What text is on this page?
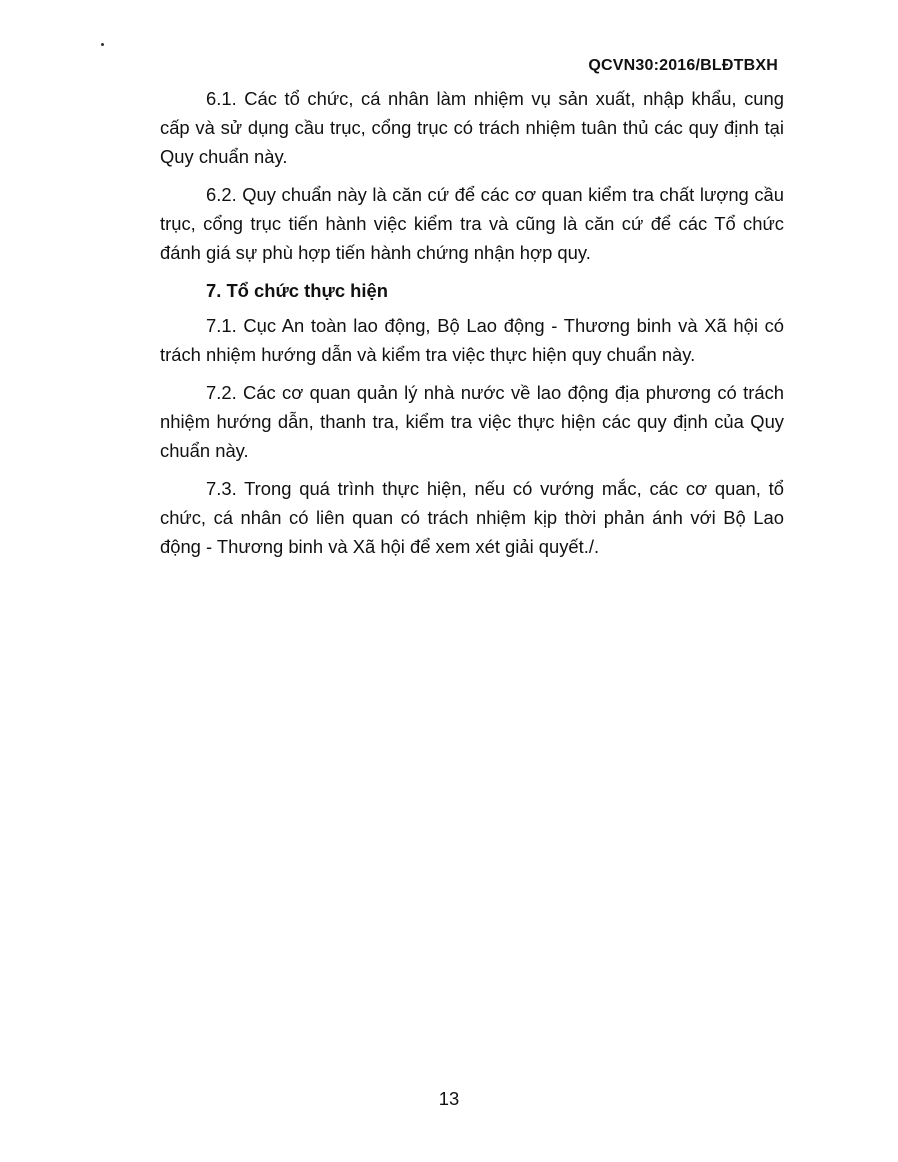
QCVN30:2016/BLĐTBXH

6.1. Các tổ chức, cá nhân làm nhiệm vụ sản xuất, nhập khẩu, cung cấp và sử dụng cầu trục, cổng trục có trách nhiệm tuân thủ các quy định tại Quy chuẩn này.

6.2. Quy chuẩn này là căn cứ để các cơ quan kiểm tra chất lượng cầu trục, cổng trục tiến hành việc kiểm tra và cũng là căn cứ để các Tổ chức đánh giá sự phù hợp tiến hành chứng nhận hợp quy.

7. Tổ chức thực hiện

7.1. Cục An toàn lao động, Bộ Lao động - Thương binh và Xã hội có trách nhiệm hướng dẫn và kiểm tra việc thực hiện quy chuẩn này.

7.2. Các cơ quan quản lý nhà nước về lao động địa phương có trách nhiệm hướng dẫn, thanh tra, kiểm tra việc thực hiện các quy định của Quy chuẩn này.

7.3. Trong quá trình thực hiện, nếu có vướng mắc, các cơ quan, tổ chức, cá nhân có liên quan có trách nhiệm kịp thời phản ánh với Bộ Lao động - Thương binh và Xã hội để xem xét giải quyết./.

13
